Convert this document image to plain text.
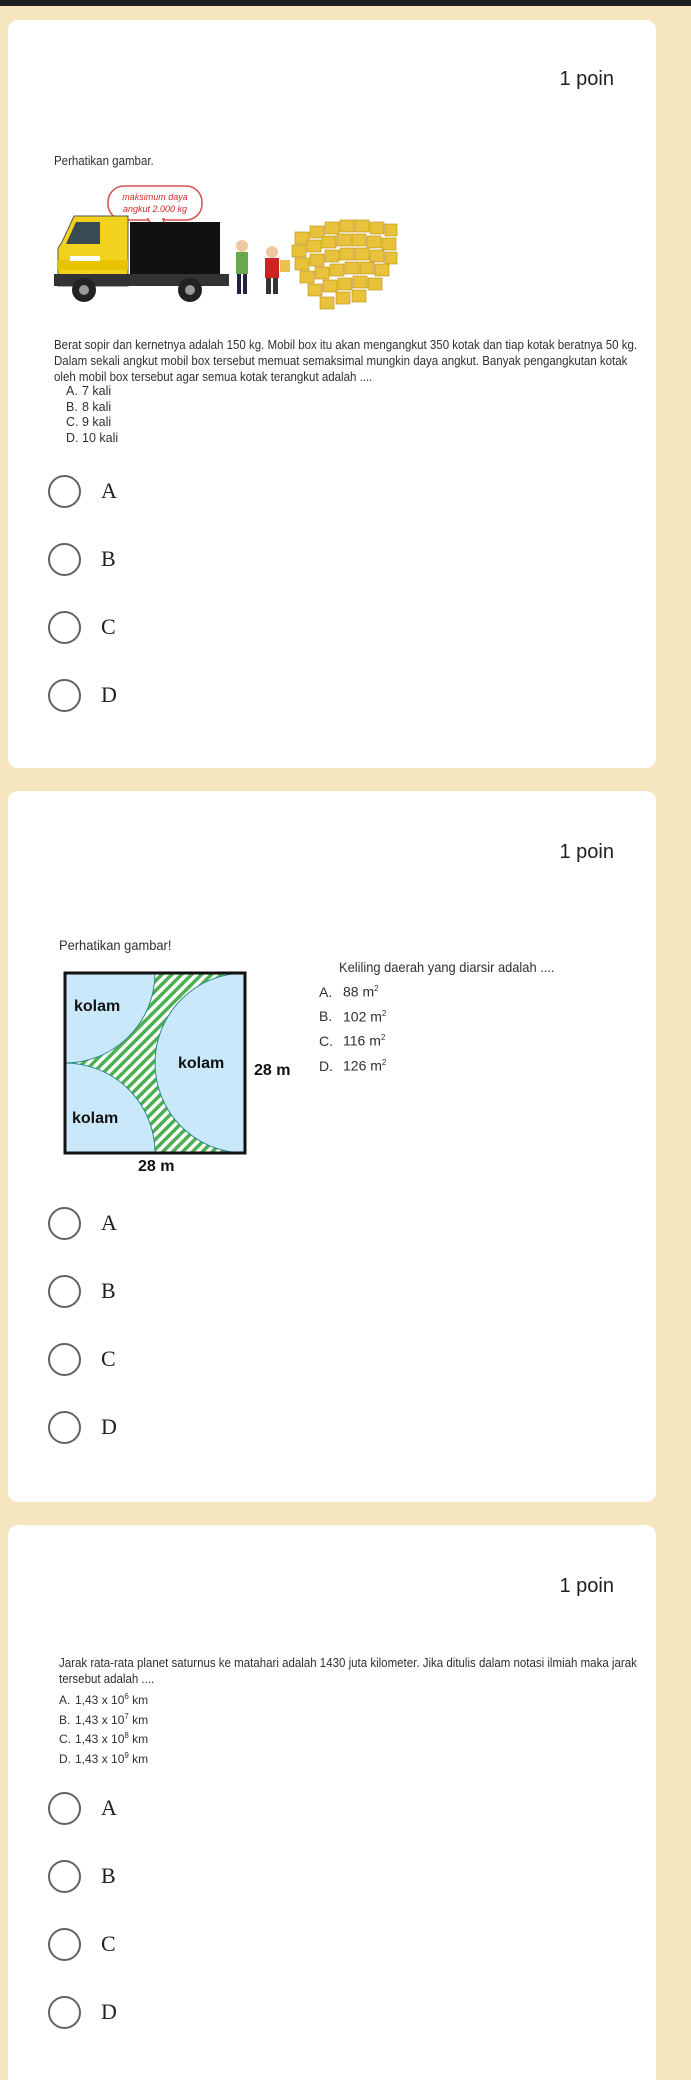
1 poin
Perhatikan gambar.
maksimum daya
angkut 2.000 kg
Berat sopir dan kernetnya adalah 150 kg. Mobil box itu akan mengangkut 350 kotak dan tiap kotak beratnya 50 kg. Dalam sekali angkut mobil box tersebut memuat semaksimal mungkin daya angkut. Banyak pengangkutan kotak oleh mobil box tersebut agar semua kotak terangkut adalah ....
A. 7 kali
B. 8 kali
C. 9 kali
D. 10 kali
A
B
C
D
1 poin
Perhatikan gambar!
kolam
kolam
kolam
28 m
28 m
Keliling daerah yang diarsir adalah ....
A. 88 $m^2$
B. 102 $m^2$
C. 116 $m^2$
D. 126 $m^2$
A
B
C
D
1 poin
Jarak rata-rata planet saturnus ke matahari adalah 1430 juta kilometer. Jika ditulis dalam notasi ilmiah maka jarak tersebut adalah ....
A. 1,43 x $10^6$ km
B. 1,43 x $10^7$ km
C. 1,43 x $10^8$ km
D. 1,43 x $10^9$ km
A
B
C
D
